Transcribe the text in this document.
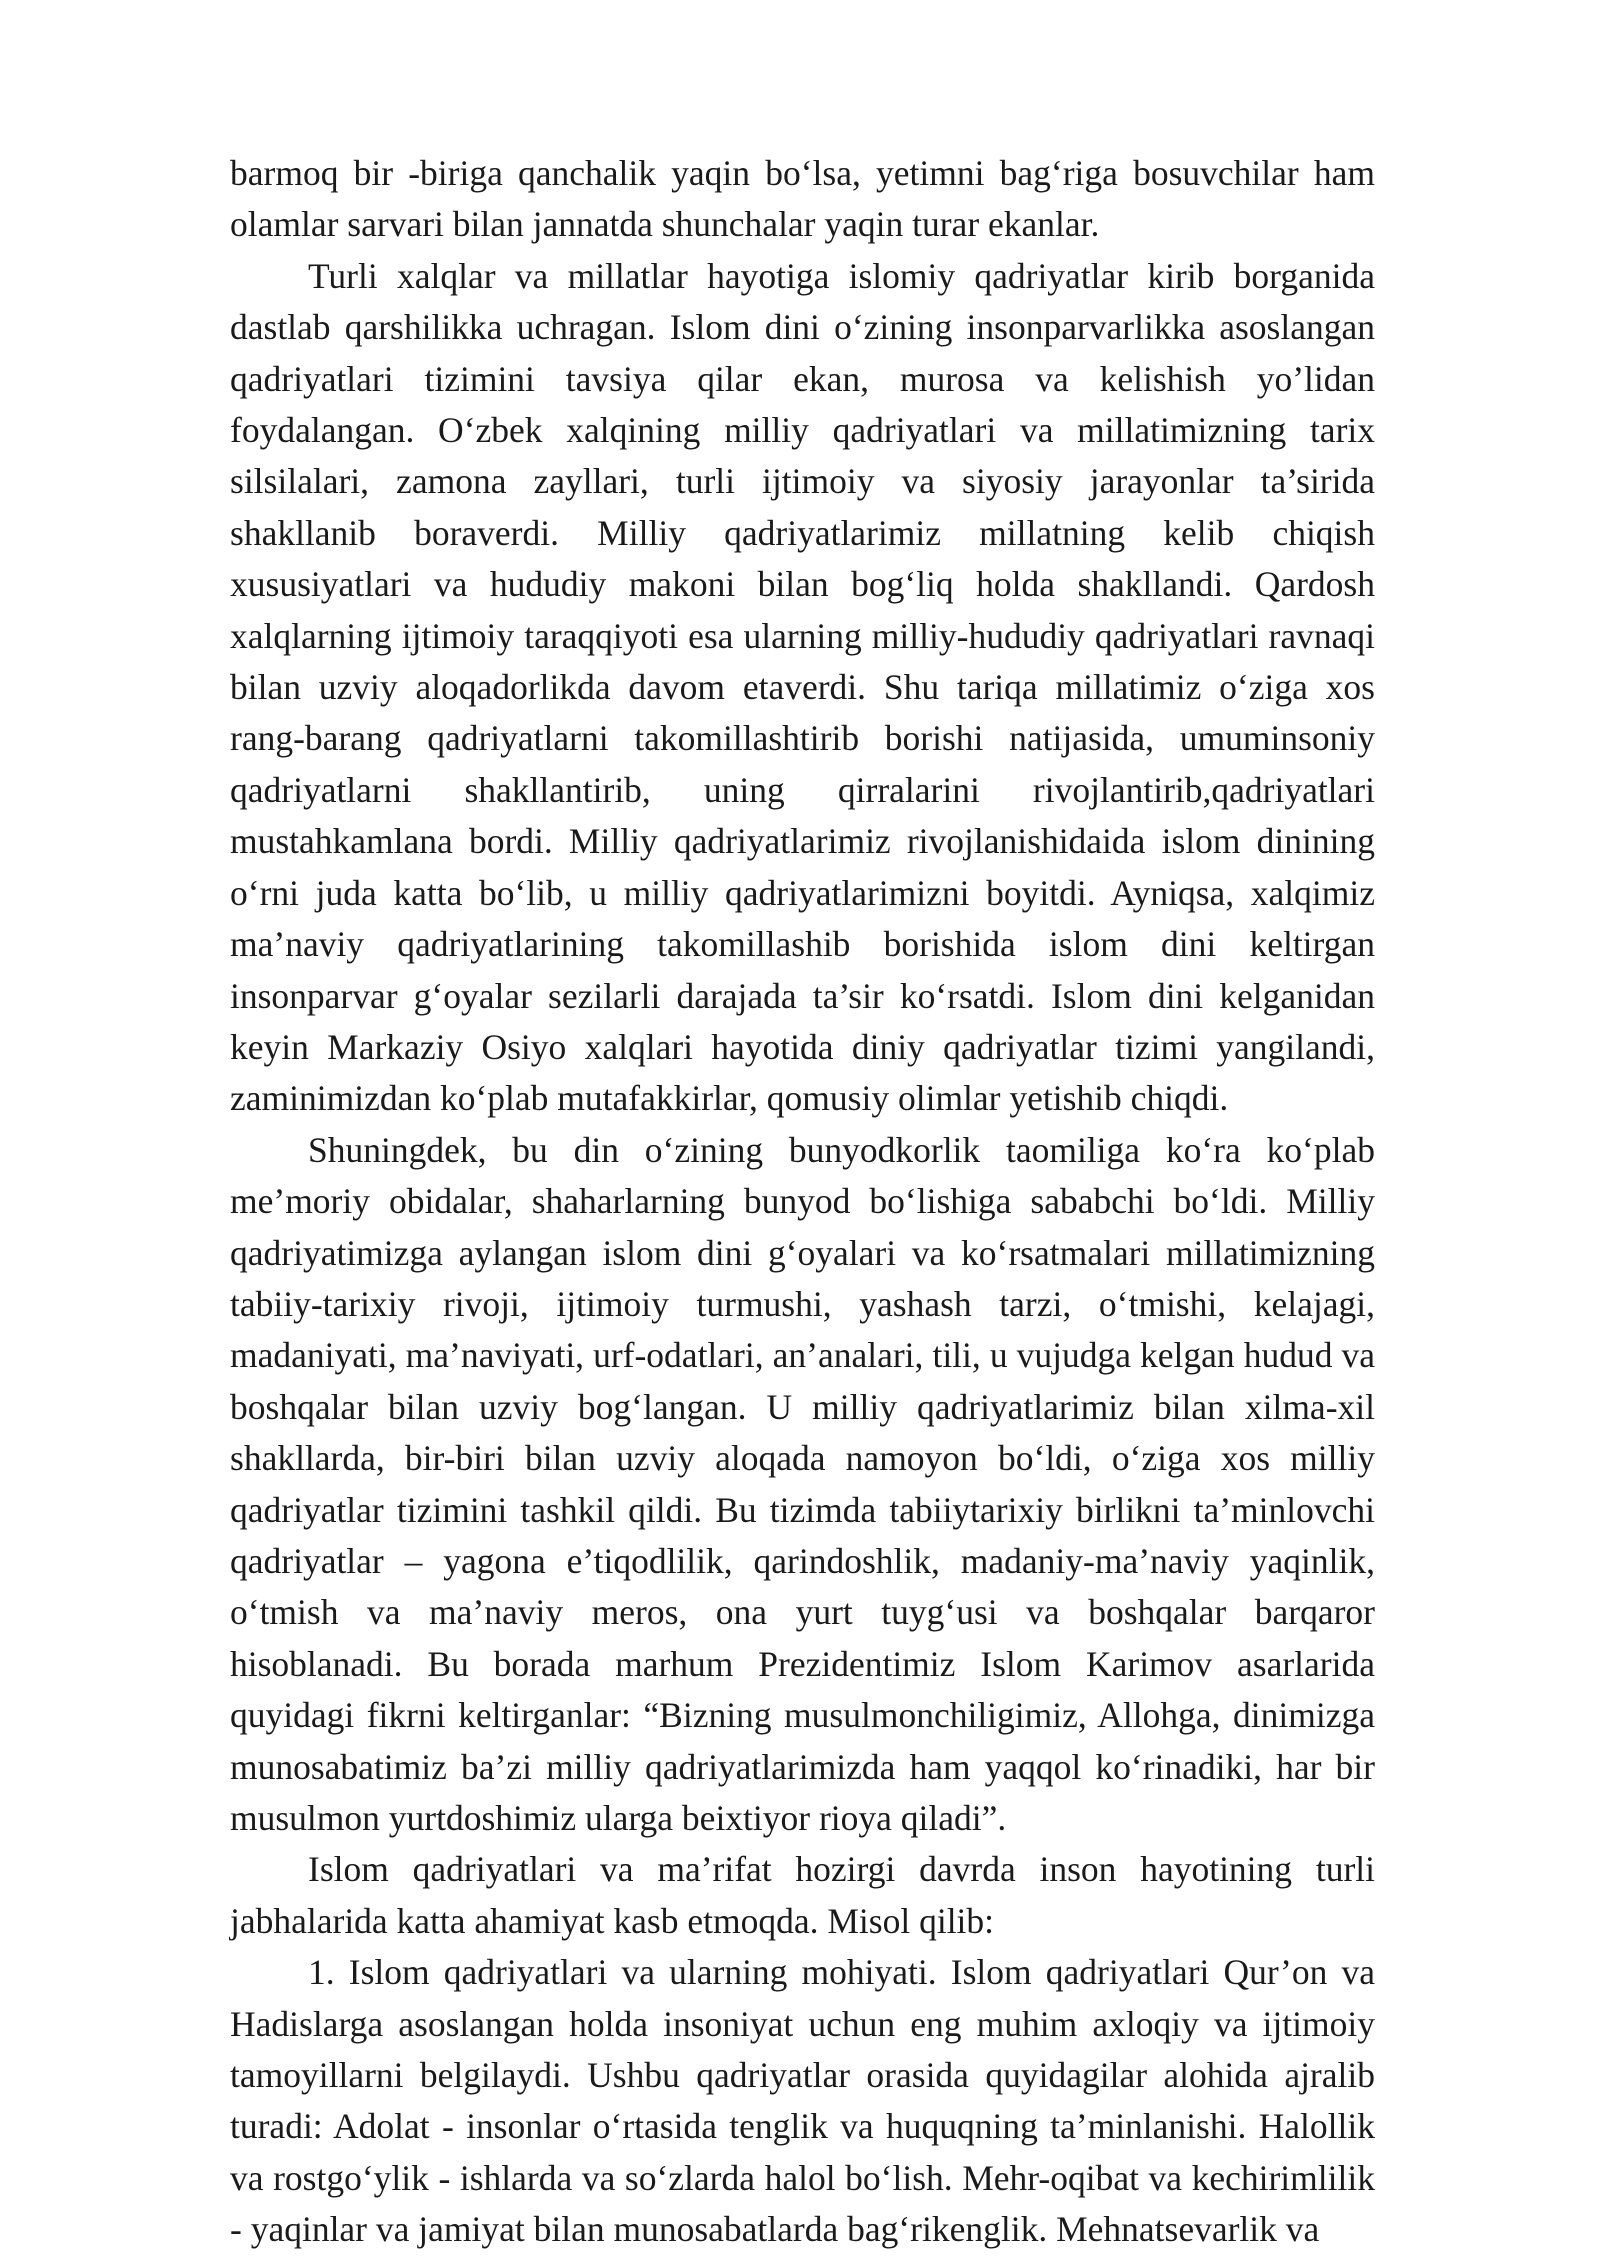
barmoq bir -biriga qanchalik yaqin bo‘lsa, yetimni bag‘riga bosuvchilar ham olamlar sarvari bilan jannatda shunchalar yaqin turar ekanlar.

Turli xalqlar va millatlar hayotiga islomiy qadriyatlar kirib borganida dastlab qarshilikka uchragan. Islom dini o‘zining insonparvarlikka asoslangan qadriyatlari tizimini tavsiya qilar ekan, murosa va kelishish yo’lidan foydalangan. O‘zbek xalqining milliy qadriyatlari va millatimizning tarix silsilalari, zamona zayllari, turli ijtimoiy va siyosiy jarayonlar ta’sirida shakllanib boraverdi. Milliy qadriyatlarimiz millatning kelib chiqish xususiyatlari va hududiy makoni bilan bog‘liq holda shakllandi. Qardosh xalqlarning ijtimoiy taraqqiyoti esa ularning milliy-hududiy qadriyatlari ravnaqi bilan uzviy aloqadorlikda davom etaverdi. Shu tariqa millatimiz o‘ziga xos rang-barang qadriyatlarni takomillashtirib borishi natijasida, umuminsoniy qadriyatlarni shakllantirib, uning qirralarini rivojlantirib,qadriyatlari mustahkamlana bordi. Milliy qadriyatlarimiz rivojlanishidaida islom dinining o‘rni juda katta bo‘lib, u milliy qadriyatlarimizni boyitdi. Ayniqsa, xalqimiz ma’naviy qadriyatlarining takomillashib borishida islom dini keltirgan insonparvar g‘oyalar sezilarli darajada ta’sir ko‘rsatdi. Islom dini kelganidan keyin Markaziy Osiyo xalqlari hayotida diniy qadriyatlar tizimi yangilandi, zaminimizdan ko‘plab mutafakkirlar, qomusiy olimlar yetishib chiqdi.

Shuningdek, bu din o‘zining bunyodkorlik taomiliga ko‘ra ko‘plab me’moriy obidalar, shaharlarning bunyod bo‘lishiga sababchi bo‘ldi. Milliy qadriyatimizga aylangan islom dini g‘oyalari va ko‘rsatmalari millatimizning tabiiy-tarixiy rivoji, ijtimoiy turmushi, yashash tarzi, o‘tmishi, kelajagi, madaniyati, ma’naviyati, urf-odatlari, an’analari, tili, u vujudga kelgan hudud va boshqalar bilan uzviy bog‘langan. U milliy qadriyatlarimiz bilan xilma-xil shakllarda, bir-biri bilan uzviy aloqada namoyon bo‘ldi, o‘ziga xos milliy qadriyatlar tizimini tashkil qildi. Bu tizimda tabiiytarixiy birlikni ta’minlovchi qadriyatlar – yagona e’tiqodlilik, qarindoshlik, madaniy-ma’naviy yaqinlik, o‘tmish va ma’naviy meros, ona yurt tuyg‘usi va boshqalar barqaror hisoblanadi. Bu borada marhum Prezidentimiz Islom Karimov asarlarida quyidagi fikrni keltirganlar: “Bizning musulmonchiligimiz, Allohga, dinimizga munosabatimiz ba’zi milliy qadriyatlarimizda ham yaqqol ko‘rinadiki, har bir musulmon yurtdoshimiz ularga beixtiyor rioya qiladi”.

Islom qadriyatlari va ma’rifat hozirgi davrda inson hayotining turli jabhalarida katta ahamiyat kasb etmoqda. Misol qilib:

1. Islom qadriyatlari va ularning mohiyati. Islom qadriyatlari Qur’on va Hadislarga asoslangan holda insoniyat uchun eng muhim axloqiy va ijtimoiy tamoyillarni belgilaydi. Ushbu qadriyatlar orasida quyidagilar alohida ajralib turadi: Adolat - insonlar o‘rtasida tenglik va huquqning ta’minlanishi. Halollik va rostgo‘ylik - ishlarda va so‘zlarda halol bo‘lish. Mehr-oqibat va kechirimlilik - yaqinlar va jamiyat bilan munosabatlarda bag‘rikenglik. Mehnatsevarlik va
